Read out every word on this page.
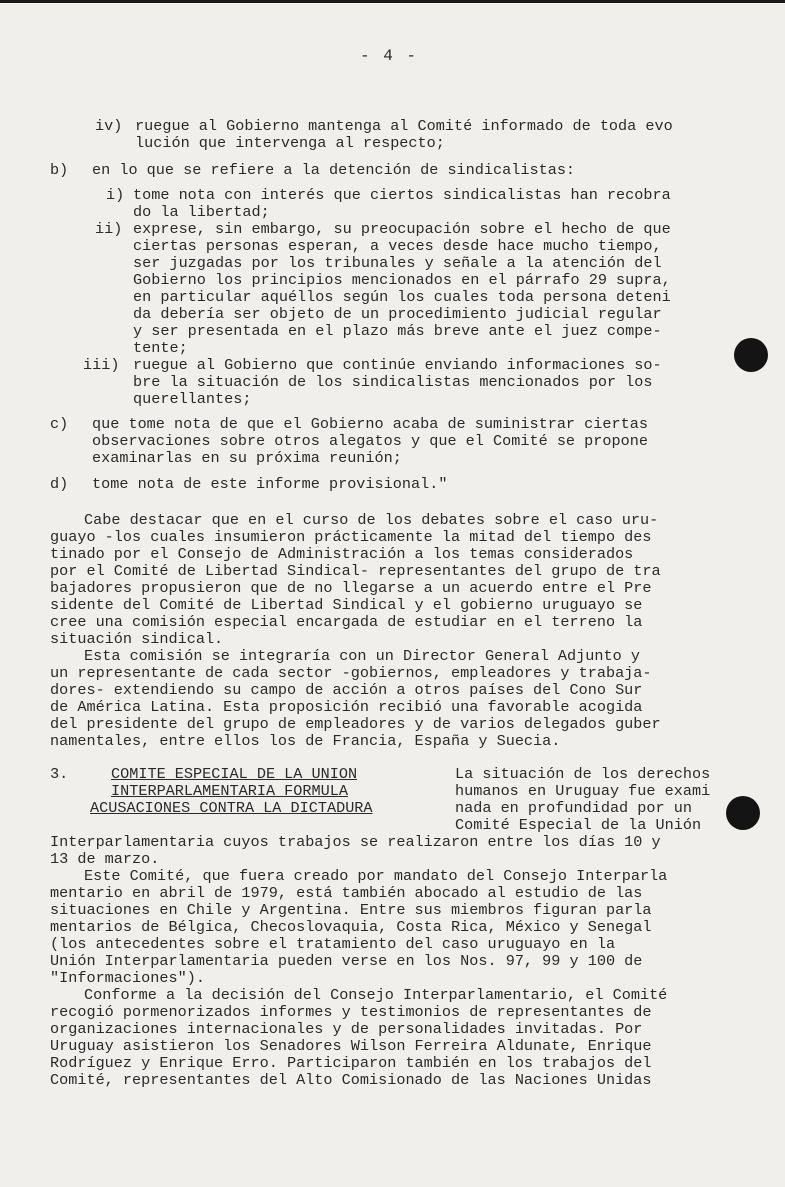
- 4 -
iv) ruegue al Gobierno mantenga al Comité informado de toda evo
lución que intervenga al respecto;
b) en lo que se refiere a la detención de sindicalistas:
i) tome nota con interés que ciertos sindicalistas han recobra
do la libertad;
ii) exprese, sin embargo, su preocupación sobre el hecho de que
ciertas personas esperan, a veces desde hace mucho tiempo,
ser juzgadas por los tribunales y señale a la atención del
Gobierno los principios mencionados en el párrafo 29 supra,
en particular aquéllos según los cuales toda persona deteni
da debería ser objeto de un procedimiento judicial regular
y ser presentada en el plazo más breve ante el juez compe-
tente;
iii) ruegue al Gobierno que continúe enviando informaciones so-
bre la situación de los sindicalistas mencionados por los
querellantes;
c) que tome nota de que el Gobierno acaba de suministrar ciertas
observaciones sobre otros alegatos y que el Comité se propone
examinarlas en su próxima reunión;
d) tome nota de este informe provisional."
Cabe destacar que en el curso de los debates sobre el caso uru-
guayo -los cuales insumieron prácticamente la mitad del tiempo des
tinado por el Consejo de Administración a los temas considerados
por el Comité de Libertad Sindical- representantes del grupo de tra
bajadores propusieron que de no llegarse a un acuerdo entre el Pre
sidente del Comité de Libertad Sindical y el gobierno uruguayo se
cree una comisión especial encargada de estudiar en el terreno la
situación sindical.
Esta comisión se integraría con un Director General Adjunto y
un representante de cada sector -gobiernos, empleadores y trabaja-
dores- extendiendo su campo de acción a otros países del Cono Sur
de América Latina. Esta proposición recibió una favorable acogida
del presidente del grupo de empleadores y de varios delegados guber
namentales, entre ellos los de Francia, España y Suecia.
3.	COMITE ESPECIAL DE LA UNION
INTERPARLAMENTARIA FORMULA
ACUSACIONES CONTRA LA DICTADURA
La situación de los derechos
humanos en Uruguay fue exami
nada en profundidad por un
Comité Especial de la Unión
Interparlamentaria cuyos trabajos se realizaron entre los días 10 y
13 de marzo.
Este Comité, que fuera creado por mandato del Consejo Interparla
mentario en abril de 1979, está también abocado al estudio de las
situaciones en Chile y Argentina. Entre sus miembros figuran parla
mentarios de Bélgica, Checoslovaquia, Costa Rica, México y Senegal
(los antecedentes sobre el tratamiento del caso uruguayo en la
Unión Interparlamentaria pueden verse en los Nos. 97, 99 y 100 de
"Informaciones").
Conforme a la decisión del Consejo Interparlamentario, el Comité
recogió pormenorizados informes y testimonios de representantes de
organizaciones internacionales y de personalidades invitadas. Por
Uruguay asistieron los Senadores Wilson Ferreira Aldunate, Enrique
Rodríguez y Enrique Erro. Participaron también en los trabajos del
Comité, representantes del Alto Comisionado de las Naciones Unidas
